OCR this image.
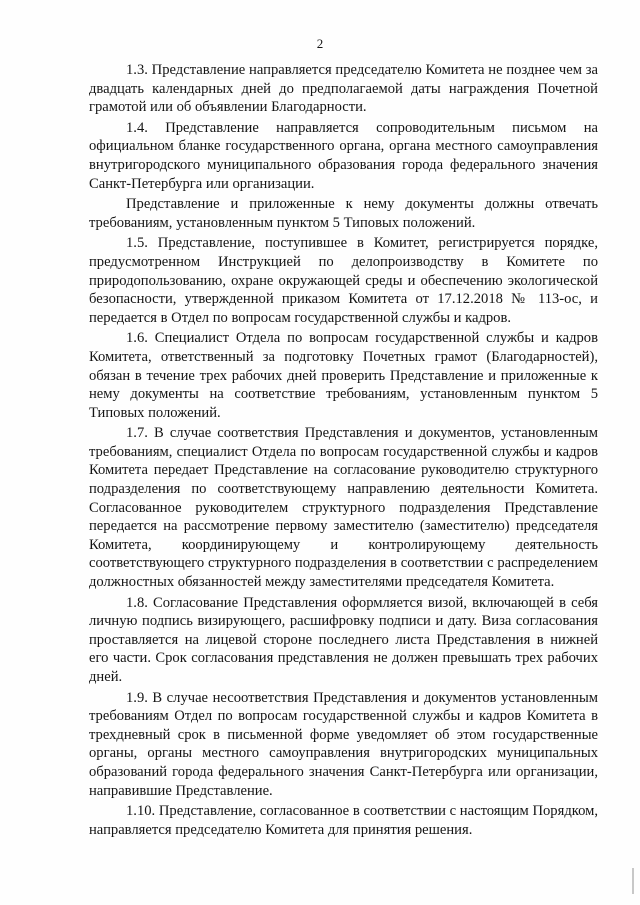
2

1.3. Представление направляется председателю Комитета не позднее чем за двадцать календарных дней до предполагаемой даты награждения Почетной грамотой или об объявлении Благодарности.

1.4. Представление направляется сопроводительным письмом на официальном бланке государственного органа, органа местного самоуправления внутригородского муниципального образования города федерального значения Санкт-Петербурга или организации.

Представление и приложенные к нему документы должны отвечать требованиям, установленным пунктом 5 Типовых положений.

1.5. Представление, поступившее в Комитет, регистрируется порядке, предусмотренном Инструкцией по делопроизводству в Комитете по природопользованию, охране окружающей среды и обеспечению экологической безопасности, утвержденной приказом Комитета от 17.12.2018 № 113-ос, и передается в Отдел по вопросам государственной службы и кадров.

1.6. Специалист Отдела по вопросам государственной службы и кадров Комитета, ответственный за подготовку Почетных грамот (Благодарностей), обязан в течение трех рабочих дней проверить Представление и приложенные к нему документы на соответствие требованиям, установленным пунктом 5 Типовых положений.

1.7. В случае соответствия Представления и документов, установленным требованиям, специалист Отдела по вопросам государственной службы и кадров Комитета передает Представление на согласование руководителю структурного подразделения по соответствующему направлению деятельности Комитета. Согласованное руководителем структурного подразделения Представление передается на рассмотрение первому заместителю (заместителю) председателя Комитета, координирующему и контролирующему деятельность соответствующего структурного подразделения в соответствии с распределением должностных обязанностей между заместителями председателя Комитета.

1.8. Согласование Представления оформляется визой, включающей в себя личную подпись визирующего, расшифровку подписи и дату. Виза согласования проставляется на лицевой стороне последнего листа Представления в нижней его части. Срок согласования представления не должен превышать трех рабочих дней.

1.9. В случае несоответствия Представления и документов установленным требованиям Отдел по вопросам государственной службы и кадров Комитета в трехдневный срок в письменной форме уведомляет об этом государственные органы, органы местного самоуправления внутригородских муниципальных образований города федерального значения Санкт-Петербурга или организации, направившие Представление.

1.10. Представление, согласованное в соответствии с настоящим Порядком, направляется председателю Комитета для принятия решения.
